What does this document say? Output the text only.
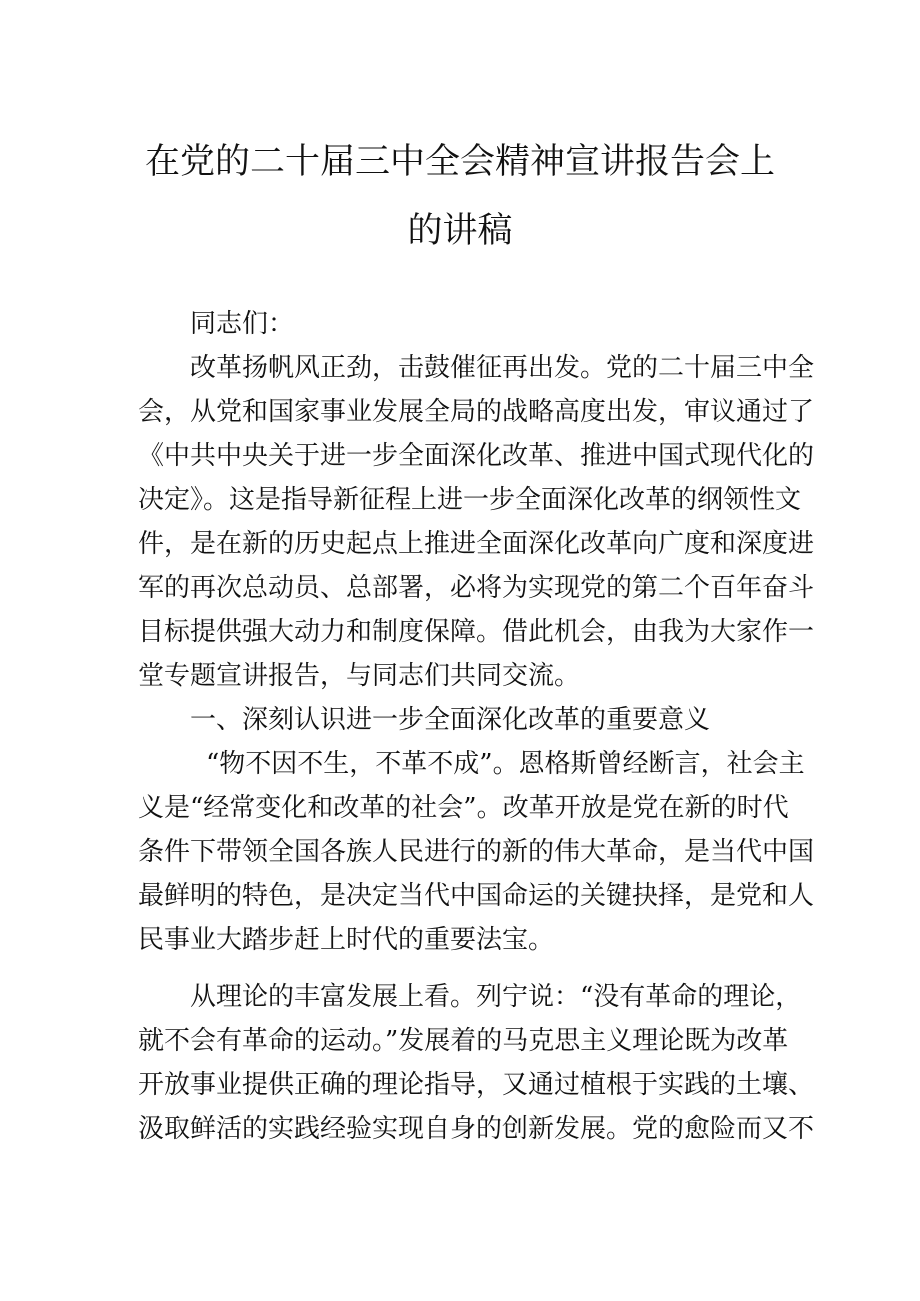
在党的二十届三中全会精神宣讲报告会上
的讲稿
同志们：
改革扬帆风正劲，击鼓催征再出发。党的二十届三中全
会，从党和国家事业发展全局的战略高度出发，审议通过了
《中共中央关于进一步全面深化改革、推进中国式现代化的
决定》。这是指导新征程上进一步全面深化改革的纲领性文
件，是在新的历史起点上推进全面深化改革向广度和深度进
军的再次总动员、总部署，必将为实现党的第二个百年奋斗
目标提供强大动力和制度保障。借此机会，由我为大家作一
堂专题宣讲报告，与同志们共同交流。
一、深刻认识进一步全面深化改革的重要意义
“物不因不生，不革不成”。恩格斯曾经断言，社会主
义是“经常变化和改革的社会”。改革开放是党在新的时代
条件下带领全国各族人民进行的新的伟大革命，是当代中国
最鲜明的特色，是决定当代中国命运的关键抉择，是党和人
民事业大踏步赶上时代的重要法宝。
从理论的丰富发展上看。列宁说：“没有革命的理论，
就不会有革命的运动。”发展着的马克思主义理论既为改革
开放事业提供正确的理论指导，又通过植根于实践的土壤、
汲取鲜活的实践经验实现自身的创新发展。党的愈险而又不
